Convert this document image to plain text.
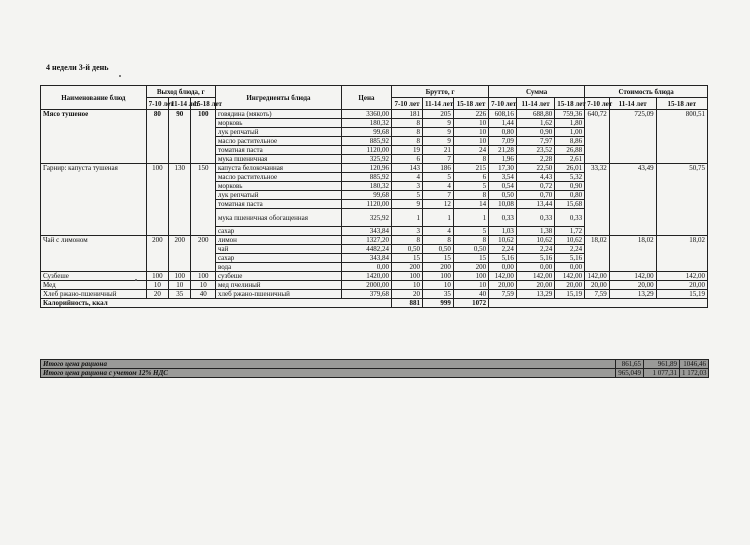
4 недели 3-й день
Наименование блюд	Выход блюда, г			Ингредиенты блюда	Цена	Брутто, г			Сумма			Стоимость блюда		
	7-10 лет	11-14 лет	15-18 лет			7-10 лет	11-14 лет	15-18 лет	7-10 лет	11-14 лет	15-18 лет	7-10 лет	11-14 лет	15-18 лет
Мясо тушеное	80	90	100	говядина (мякоть)	3360,00	181	205	226	608,16	688,80	759,36	640,72	725,09	800,51
				морковь	180,32	8	9	10	1,44	1,62	1,80			
				лук репчатый	99,68	8	9	10	0,80	0,90	1,00			
				масло растительное	885,92	8	9	10	7,09	7,97	8,86			
				томатная паста	1120,00	19	21	24	21,28	23,52	26,88			
				мука пшеничная	325,92	6	7	8	1,96	2,28	2,61			
Гарнир: капуста тушеная	100	130	150	капуста белокочанная	120,96	143	186	215	17,30	22,50	26,01	33,32	43,49	50,75
				масло растительное	885,92	4	5	6	3,54	4,43	5,32			
				морковь	180,32	3	4	5	0,54	0,72	0,90			
				лук репчатый	99,68	5	7	8	0,50	0,70	0,80			
				томатная паста	1120,00	9	12	14	10,08	13,44	15,68			
				мука пшеничная обогащенная	325,92	1	1	1	0,33	0,33	0,33			
				сахар	343,84	3	4	5	1,03	1,38	1,72			
Чай с лимоном	200	200	200	лимон	1327,20	8	8	8	10,62	10,62	10,62	18,02	18,02	18,02
				чай	4482,24	0,50	0,50	0,50	2,24	2,24	2,24			
				сахар	343,84	15	15	15	5,16	5,16	5,16			
				вода	0,00	200	200	200	0,00	0,00	0,00			
Сузбеше	100	100	100	сузбеше	1420,00	100	100	100	142,00	142,00	142,00	142,00	142,00	142,00
Мед	10	10	10	мед пчелиный	2000,00	10	10	10	20,00	20,00	20,00	20,00	20,00	20,00
Хлеб ржано-пшеничный	20	35	40	хлеб ржано-пшеничный	379,68	20	35	40	7,59	13,29	15,19	7,59	13,29	15,19
Калорийность, ккал						881	999	1072						
Итого цена рациона	861,65	961,89	1046,46
Итого цена рациона с учетом 12% НДС	965,049	1 077,31	1 172,03
